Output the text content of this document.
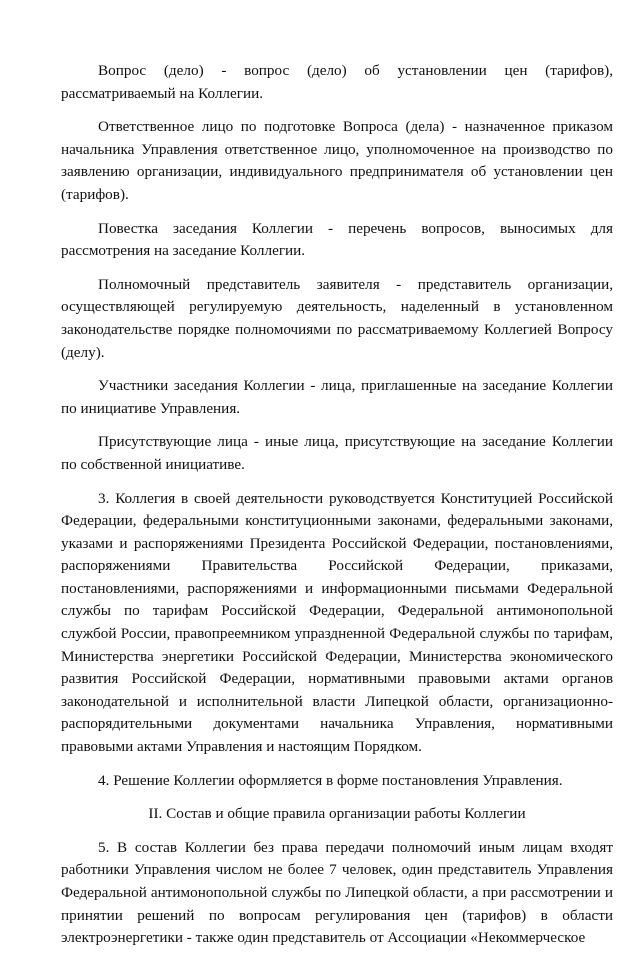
Вопрос (дело) - вопрос (дело) об установлении цен (тарифов), рассматриваемый на Коллегии.

Ответственное лицо по подготовке Вопроса (дела) - назначенное приказом начальника Управления ответственное лицо, уполномоченное на производство по заявлению организации, индивидуального предпринимателя об установлении цен (тарифов).

Повестка заседания Коллегии - перечень вопросов, выносимых для рассмотрения на заседание Коллегии.

Полномочный представитель заявителя - представитель организации, осуществляющей регулируемую деятельность, наделенный в установленном законодательстве порядке полномочиями по рассматриваемому Коллегией Вопросу (делу).

Участники заседания Коллегии - лица, приглашенные на заседание Коллегии по инициативе Управления.

Присутствующие лица - иные лица, присутствующие на заседание Коллегии по собственной инициативе.

3. Коллегия в своей деятельности руководствуется Конституцией Российской Федерации, федеральными конституционными законами, федеральными законами, указами и распоряжениями Президента Российской Федерации, постановлениями, распоряжениями Правительства Российской Федерации, приказами, постановлениями, распоряжениями и информационными письмами Федеральной службы по тарифам Российской Федерации, Федеральной антимонопольной службой России, правопреемником упраздненной Федеральной службы по тарифам, Министерства энергетики Российской Федерации, Министерства экономического развития Российской Федерации, нормативными правовыми актами органов законодательной и исполнительной власти Липецкой области, организационно-распорядительными документами начальника Управления, нормативными правовыми актами Управления и настоящим Порядком.

4. Решение Коллегии оформляется в форме постановления Управления.

II. Состав и общие правила организации работы Коллегии

5. В состав Коллегии без права передачи полномочий иным лицам входят работники Управления числом не более 7 человек, один представитель Управления Федеральной антимонопольной службы по Липецкой области, а при рассмотрении и принятии решений по вопросам регулирования цен (тарифов) в области электроэнергетики - также один представитель от Ассоциации «Некоммерческое
